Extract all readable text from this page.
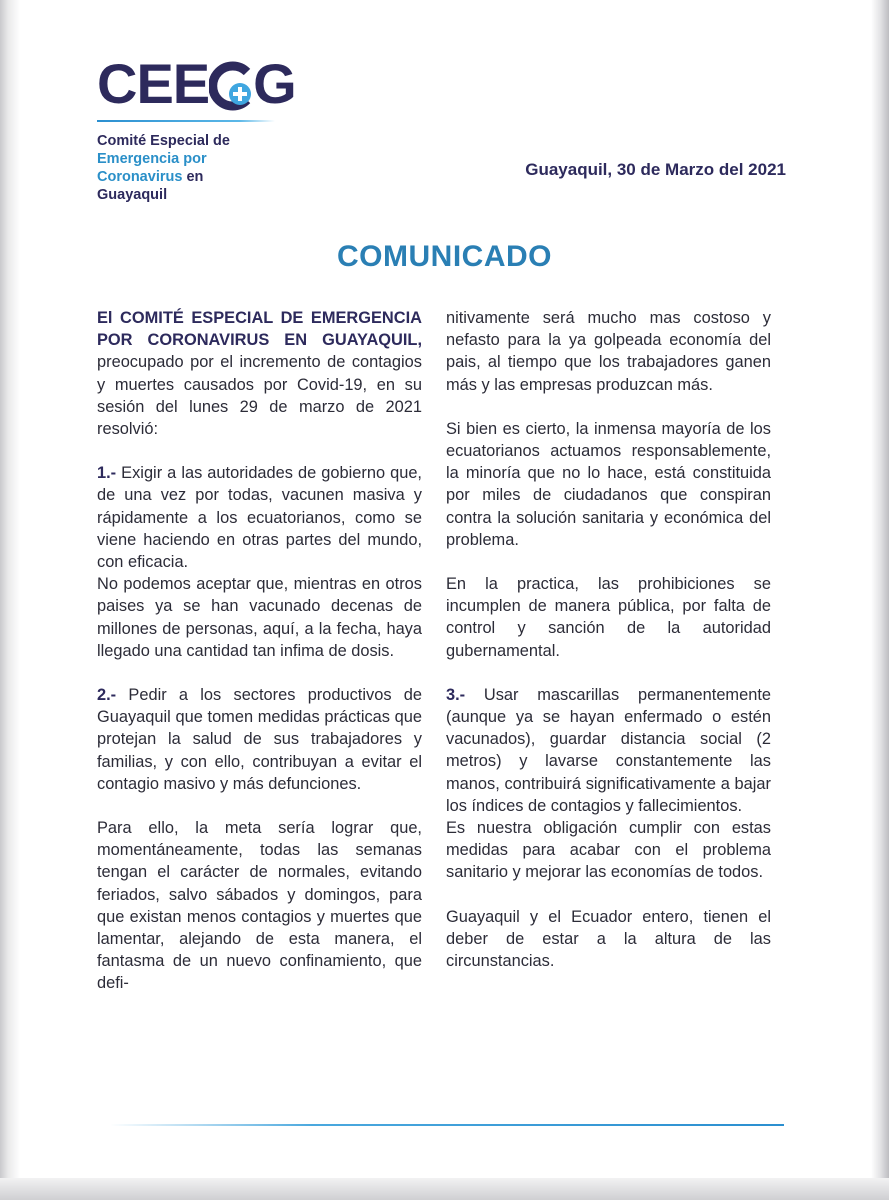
CEE G
Comité Especial de
Emergencia por
Coronavirus en
Guayaquil
Guayaquil, 30 de Marzo del 2021
COMUNICADO

El COMITÉ ESPECIAL DE EMERGENCIA POR CORONAVIRUS EN GUAYAQUIL, preocupado por el incremento de contagios y muertes causados por Covid-19, en su sesión del lunes 29 de marzo de 2021 resolvió:

1.- Exigir a las autoridades de gobierno que, de una vez por todas, vacunen masiva y rápidamente a los ecuatorianos, como se viene haciendo en otras partes del mundo, con eficacia.

No podemos aceptar que, mientras en otros paises ya se han vacunado decenas de millones de personas, aquí, a la fecha, haya llegado una cantidad tan infima de dosis.

2.- Pedir a los sectores productivos de Guayaquil que tomen medidas prácticas que protejan la salud de sus trabajadores y familias, y con ello, contribuyan a evitar el contagio masivo y más defunciones.

Para ello, la meta sería lograr que, momentáneamente, todas las semanas tengan el carácter de normales, evitando feriados, salvo sábados y domingos, para que existan menos contagios y muertes que lamentar, alejando de esta manera, el fantasma de un nuevo confinamiento, que defi-

nitivamente será mucho mas costoso y nefasto para la ya golpeada economía del pais, al tiempo que los trabajadores ganen más y las empresas produzcan más.

Si bien es cierto, la inmensa mayoría de los ecuatorianos actuamos responsablemente, la minoría que no lo hace, está constituida por miles de ciudadanos que conspiran contra la solución sanitaria y económica del problema.

En la practica, las prohibiciones se incumplen de manera pública, por falta de control y sanción de la autoridad gubernamental.

3.- Usar mascarillas permanentemente (aunque ya se hayan enfermado o estén vacunados), guardar distancia social (2 metros) y lavarse constantemente las manos, contribuirá significativamente a bajar los índices de contagios y fallecimientos.

Es nuestra obligación cumplir con estas medidas para acabar con el problema sanitario y mejorar las economías de todos.

Guayaquil y el Ecuador entero, tienen el deber de estar a la altura de las circunstancias.
